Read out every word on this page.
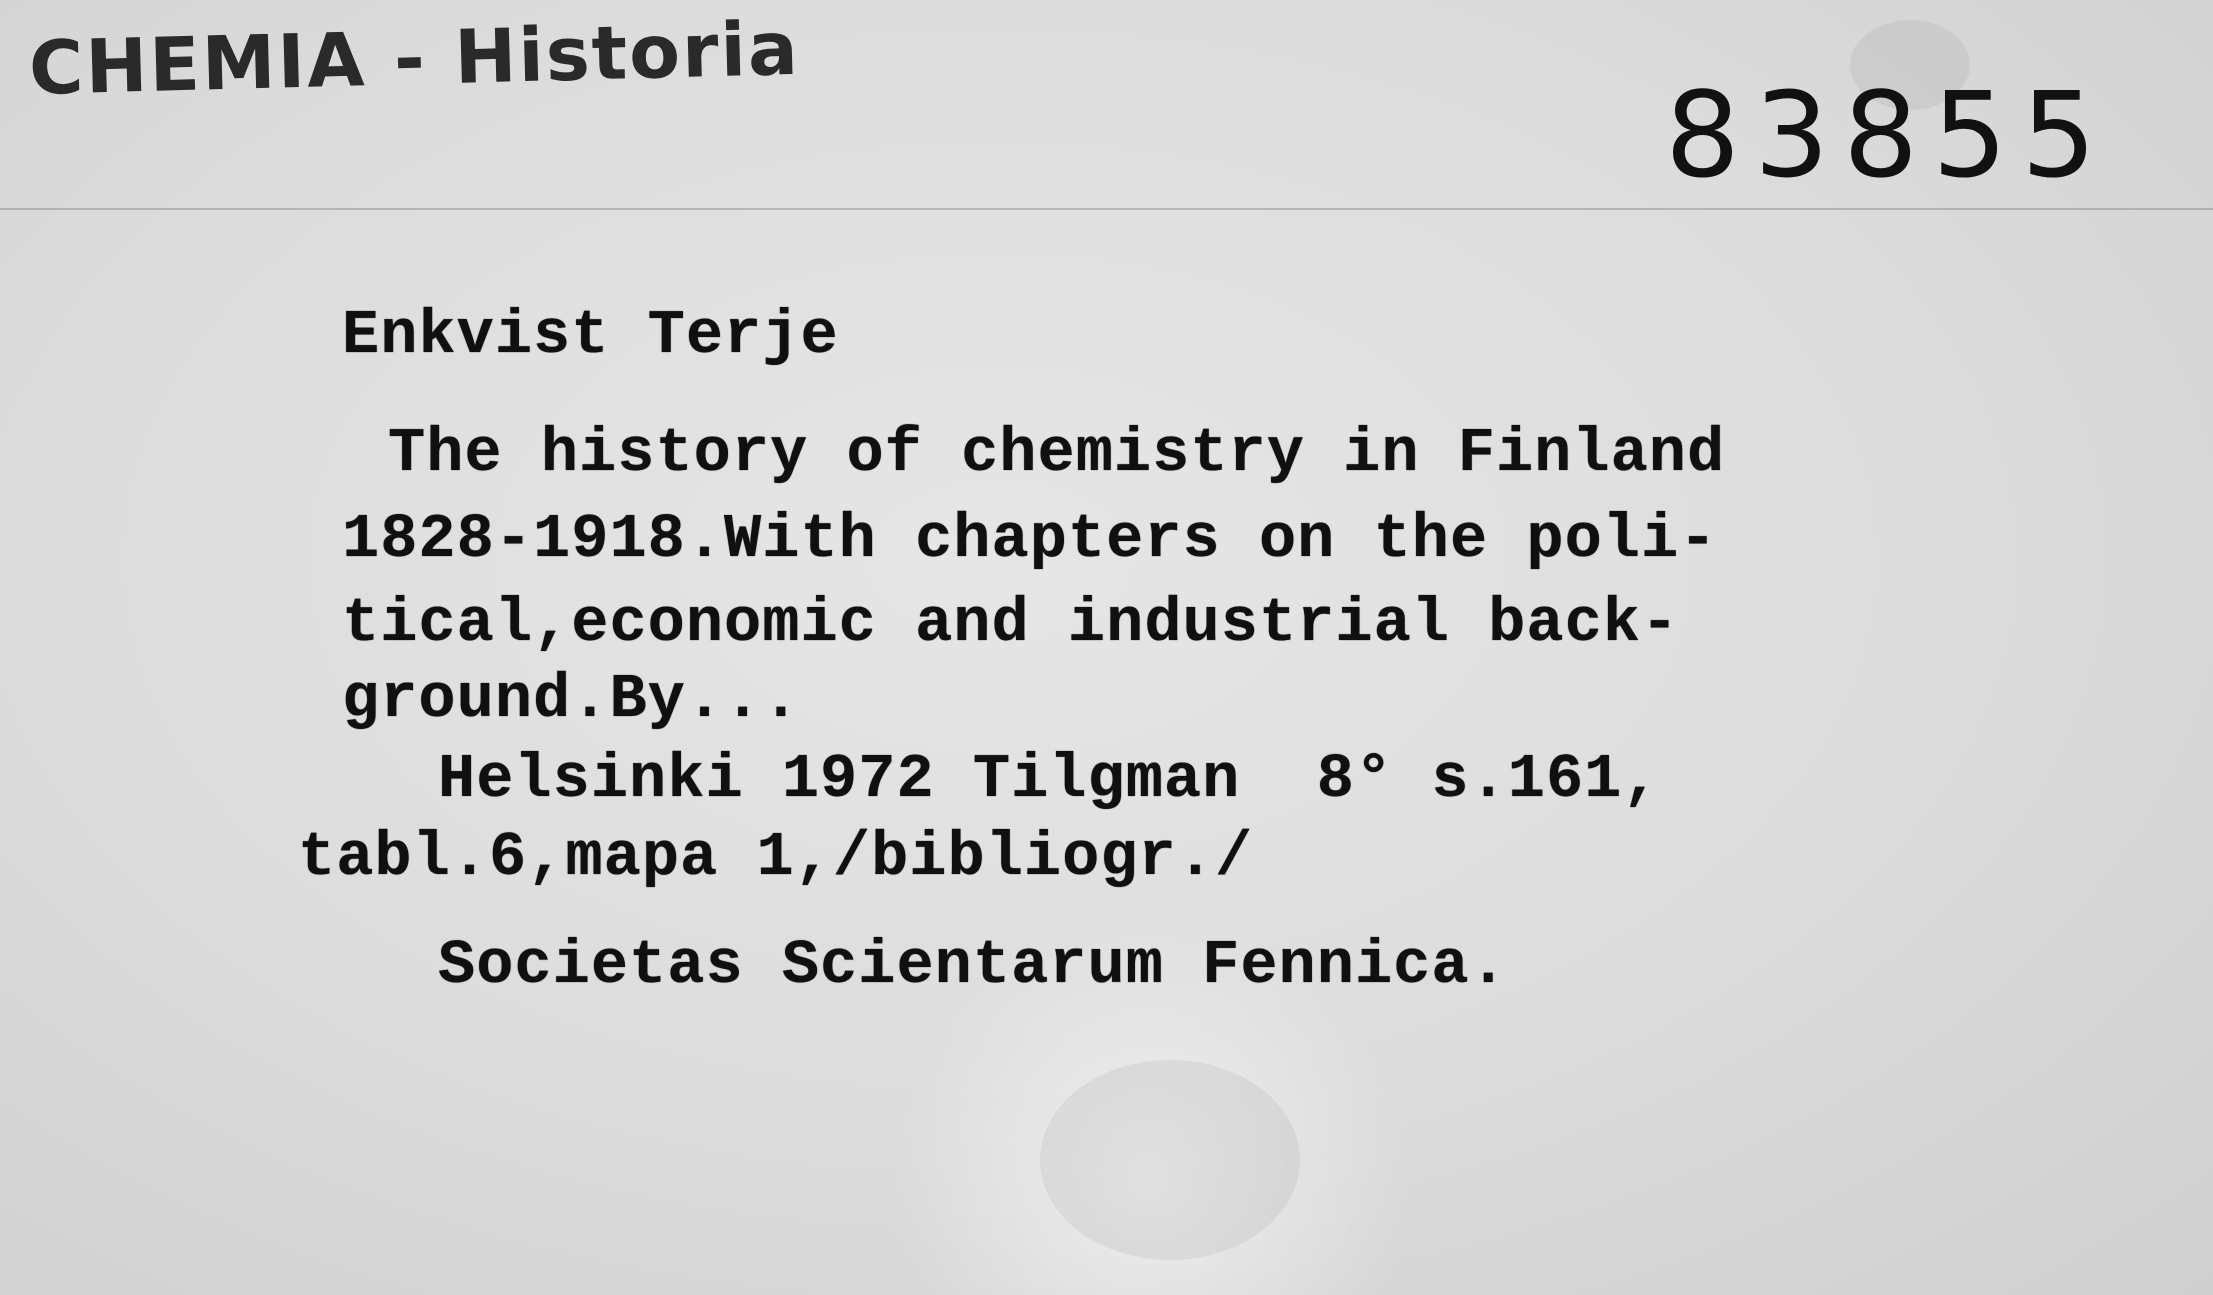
CHEMIA - Historia
83855
Enkvist Terje
The history of chemistry in Finland
1828-1918.With chapters on the poli-
tical,economic and industrial back-
ground.By...
Helsinki 1972 Tilgman  8° s.161,
tabl.6,mapa 1,/bibliogr./
Societas Scientarum Fennica.
